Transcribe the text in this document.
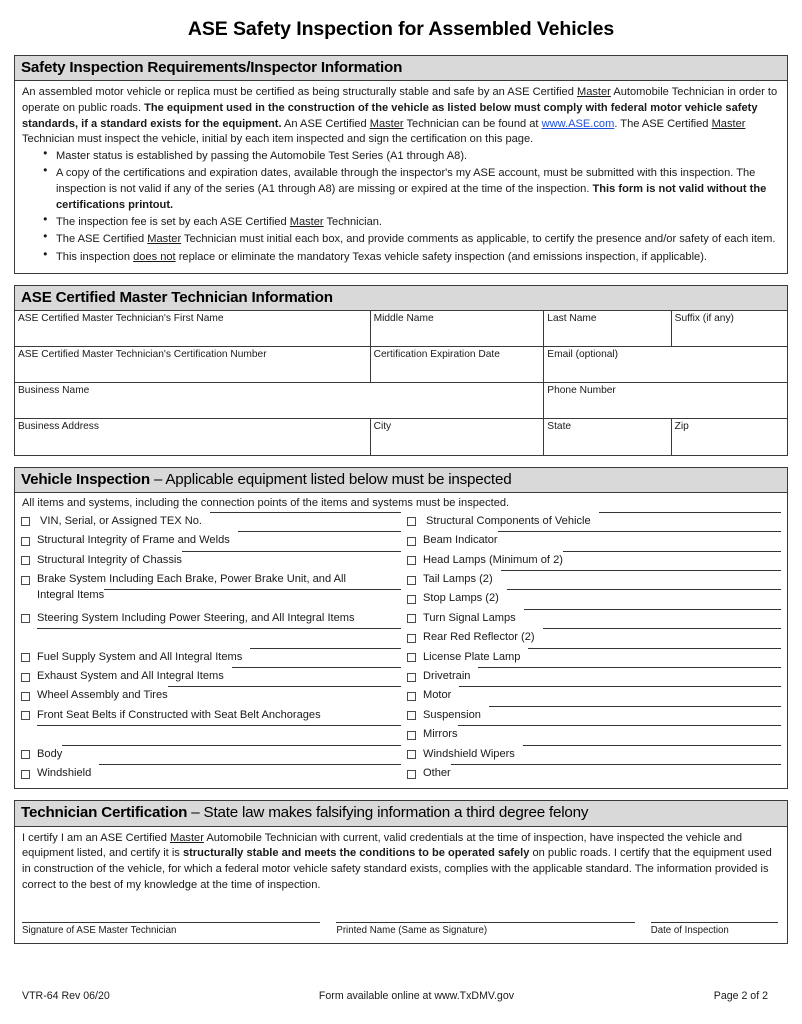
ASE Safety Inspection for Assembled Vehicles
Safety Inspection Requirements/Inspector Information

An assembled motor vehicle or replica must be certified as being structurally stable and safe by an ASE Certified Master Automobile Technician in order to operate on public roads. The equipment used in the construction of the vehicle as listed below must comply with federal motor vehicle safety standards, if a standard exists for the equipment. An ASE Certified Master Technician can be found at www.ASE.com. The ASE Certified Master Technician must inspect the vehicle, initial by each item inspected and sign the certification on this page.

● Master status is established by passing the Automobile Test Series (A1 through A8).
● A copy of the certifications and expiration dates, available through the inspector's my ASE account, must be submitted with this inspection. The inspection is not valid if any of the series (A1 through A8) are missing or expired at the time of the inspection. This form is not valid without the certifications printout.
● The inspection fee is set by each ASE Certified Master Technician.
● The ASE Certified Master Technician must initial each box, and provide comments as applicable, to certify the presence and/or safety of each item.
● This inspection does not replace or eliminate the mandatory Texas vehicle safety inspection (and emissions inspection, if applicable).
ASE Certified Master Technician Information
ASE Certified Master Technician's First Name	Middle Name	Last Name	Suffix (if any)
ASE Certified Master Technician's Certification Number	Certification Expiration Date	Email (optional)	
Business Name		Phone Number	
Business Address	City	State	Zip
Vehicle Inspection – Applicable equipment listed below must be inspected
All items and systems, including the connection points of the items and systems must be inspected.
VIN, Serial, or Assigned TEX No.
Structural Integrity of Frame and Welds
Structural Integrity of Chassis
Brake System Including Each Brake, Power Brake Unit, and All
Integral Items
Steering System Including Power Steering, and All Integral Items
Fuel Supply System and All Integral Items
Exhaust System and All Integral Items
Wheel Assembly and Tires
Front Seat Belts if Constructed with Seat Belt Anchorages
Body
Windshield
Structural Components of Vehicle
Beam Indicator
Head Lamps (Minimum of 2)
Tail Lamps (2)
Stop Lamps (2)
Turn Signal Lamps
Rear Red Reflector (2)
License Plate Lamp
Drivetrain
Motor
Suspension
Mirrors
Windshield Wipers
Other
Technician Certification – State law makes falsifying information a third degree felony

I certify I am an ASE Certified Master Automobile Technician with current, valid credentials at the time of inspection, have inspected the vehicle and equipment listed, and certify it is structurally stable and meets the conditions to be operated safely on public roads. I certify that the equipment used in construction of the vehicle, for which a federal motor vehicle safety standard exists, complies with the applicable standard. The information provided is correct to the best of my knowledge at the time of inspection.

Signature of ASE Master Technician	Printed Name (Same as Signature)	Date of Inspection
VTR-64 Rev 06/20	Form available online at www.TxDMV.gov	Page 2 of 2
